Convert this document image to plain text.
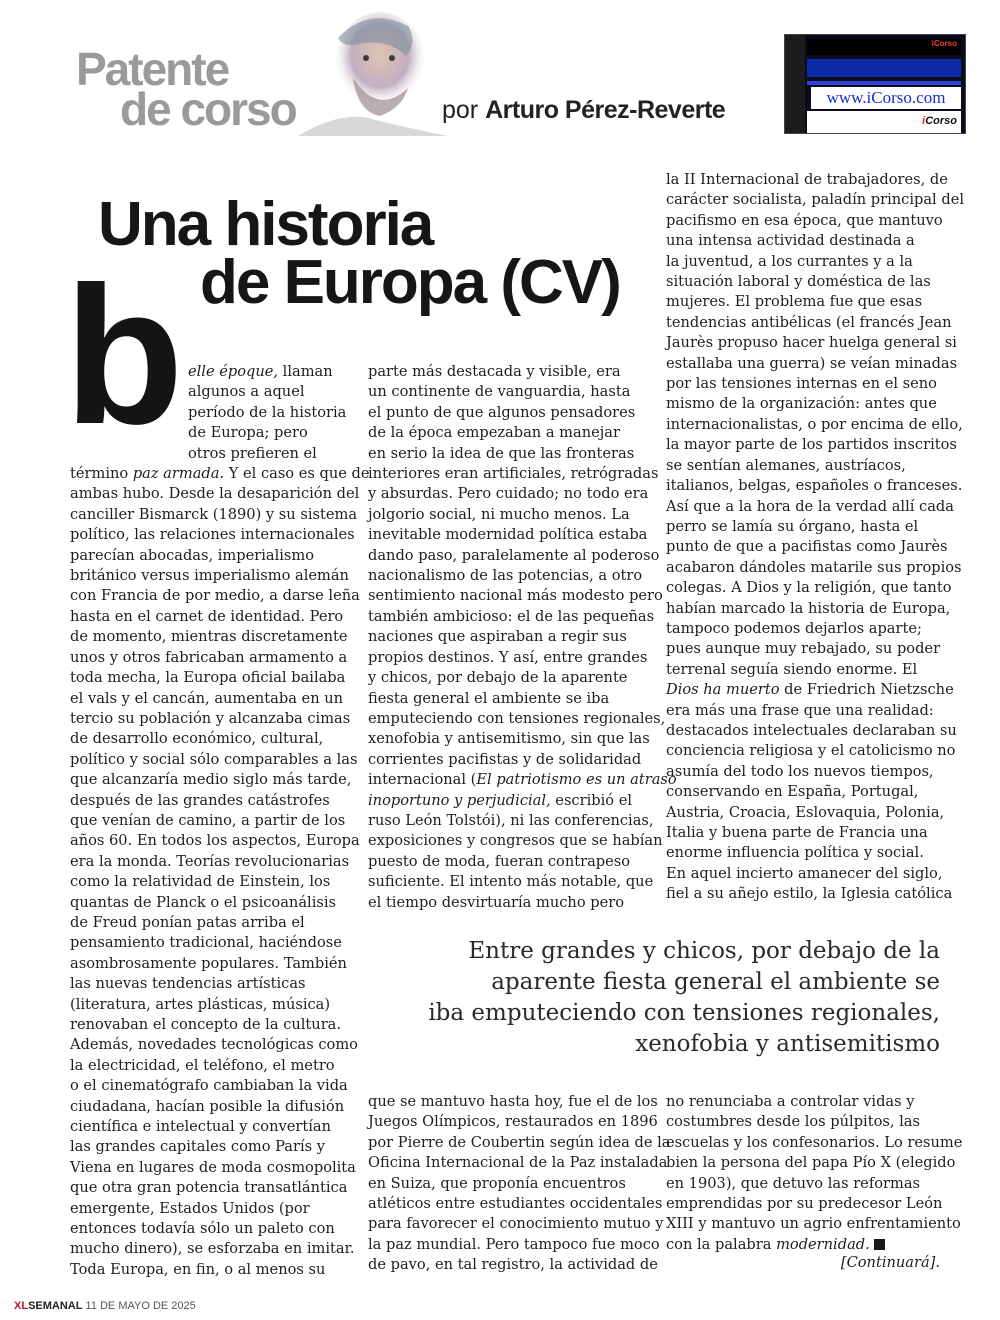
Patente
de corso	por Arturo Pérez-Reverte
iCorso
www.iCorso.com
iCorso
Una historia
de Europa (CV)
b elle époque, llaman

algunos a aquel

período de la historia

de Europa; pero

otros prefieren el

término paz armada. Y el caso es que de

ambas hubo. Desde la desaparición del

canciller Bismarck (1890) y su sistema

político, las relaciones internacionales

parecían abocadas, imperialismo

británico versus imperialismo alemán

con Francia de por medio, a darse leña

hasta en el carnet de identidad. Pero

de momento, mientras discretamente

unos y otros fabricaban armamento a

toda mecha, la Europa oficial bailaba

el vals y el cancán, aumentaba en un

tercio su población y alcanzaba cimas

de desarrollo económico, cultural,

político y social sólo comparables a las

que alcanzaría medio siglo más tarde,

después de las grandes catástrofes

que venían de camino, a partir de los

años 60. En todos los aspectos, Europa

era la monda. Teorías revolucionarias

como la relatividad de Einstein, los

quantas de Planck o el psicoanálisis

de Freud ponían patas arriba el

pensamiento tradicional, haciéndose

asombrosamente populares. También

las nuevas tendencias artísticas

(literatura, artes plásticas, música)

renovaban el concepto de la cultura.

Además, novedades tecnológicas como

la electricidad, el teléfono, el metro

o el cinematógrafo cambiaban la vida

ciudadana, hacían posible la difusión

científica e intelectual y convertían

las grandes capitales como París y

Viena en lugares de moda cosmopolita

que otra gran potencia transatlántica

emergente, Estados Unidos (por

entonces todavía sólo un paleto con

mucho dinero), se esforzaba en imitar.

Toda Europa, en fin, o al menos su

parte más destacada y visible, era

un continente de vanguardia, hasta

el punto de que algunos pensadores

de la época empezaban a manejar

en serio la idea de que las fronteras

interiores eran artificiales, retrógradas

y absurdas. Pero cuidado; no todo era

jolgorio social, ni mucho menos. La

inevitable modernidad política estaba

dando paso, paralelamente al poderoso

nacionalismo de las potencias, a otro

sentimiento nacional más modesto pero

también ambicioso: el de las pequeñas

naciones que aspiraban a regir sus

propios destinos. Y así, entre grandes

y chicos, por debajo de la aparente

fiesta general el ambiente se iba

emputeciendo con tensiones regionales,

xenofobia y antisemitismo, sin que las

corrientes pacifistas y de solidaridad

internacional (El patriotismo es un atraso

inoportuno y perjudicial, escribió el

ruso León Tolstói), ni las conferencias,

exposiciones y congresos que se habían

puesto de moda, fueran contrapeso

suficiente. El intento más notable, que

el tiempo desvirtuaría mucho pero

la II Internacional de trabajadores, de

carácter socialista, paladín principal del

pacifismo en esa época, que mantuvo

una intensa actividad destinada a

la juventud, a los currantes y a la

situación laboral y doméstica de las

mujeres. El problema fue que esas

tendencias antibélicas (el francés Jean

Jaurès propuso hacer huelga general si

estallaba una guerra) se veían minadas

por las tensiones internas en el seno

mismo de la organización: antes que

internacionalistas, o por encima de ello,

la mayor parte de los partidos inscritos

se sentían alemanes, austríacos,

italianos, belgas, españoles o franceses.

Así que a la hora de la verdad allí cada

perro se lamía su órgano, hasta el

punto de que a pacifistas como Jaurès

acabaron dándoles matarile sus propios

colegas. A Dios y la religión, que tanto

habían marcado la historia de Europa,

tampoco podemos dejarlos aparte;

pues aunque muy rebajado, su poder

terrenal seguía siendo enorme. El

Dios ha muerto de Friedrich Nietzsche

era más una frase que una realidad:

destacados intelectuales declaraban su

conciencia religiosa y el catolicismo no

asumía del todo los nuevos tiempos,

conservando en España, Portugal,

Austria, Croacia, Eslovaquia, Polonia,

Italia y buena parte de Francia una

enorme influencia política y social.

En aquel incierto amanecer del siglo,

fiel a su añejo estilo, la Iglesia católica

Entre grandes y chicos, por debajo de la

aparente fiesta general el ambiente se

iba emputeciendo con tensiones regionales,

xenofobia y antisemitismo

que se mantuvo hasta hoy, fue el de los

Juegos Olímpicos, restaurados en 1896

por Pierre de Coubertin según idea de la

Oficina Internacional de la Paz instalada

en Suiza, que proponía encuentros

atléticos entre estudiantes occidentales

para favorecer el conocimiento mutuo y

la paz mundial. Pero tampoco fue moco

de pavo, en tal registro, la actividad de

no renunciaba a controlar vidas y

costumbres desde los púlpitos, las

escuelas y los confesonarios. Lo resume

bien la persona del papa Pío X (elegido

en 1903), que detuvo las reformas

emprendidas por su predecesor León

XIII y mantuvo un agrio enfrentamiento

con la palabra modernidad.

[Continuará].
XLSEMANAL 11 DE MAYO DE 2025
